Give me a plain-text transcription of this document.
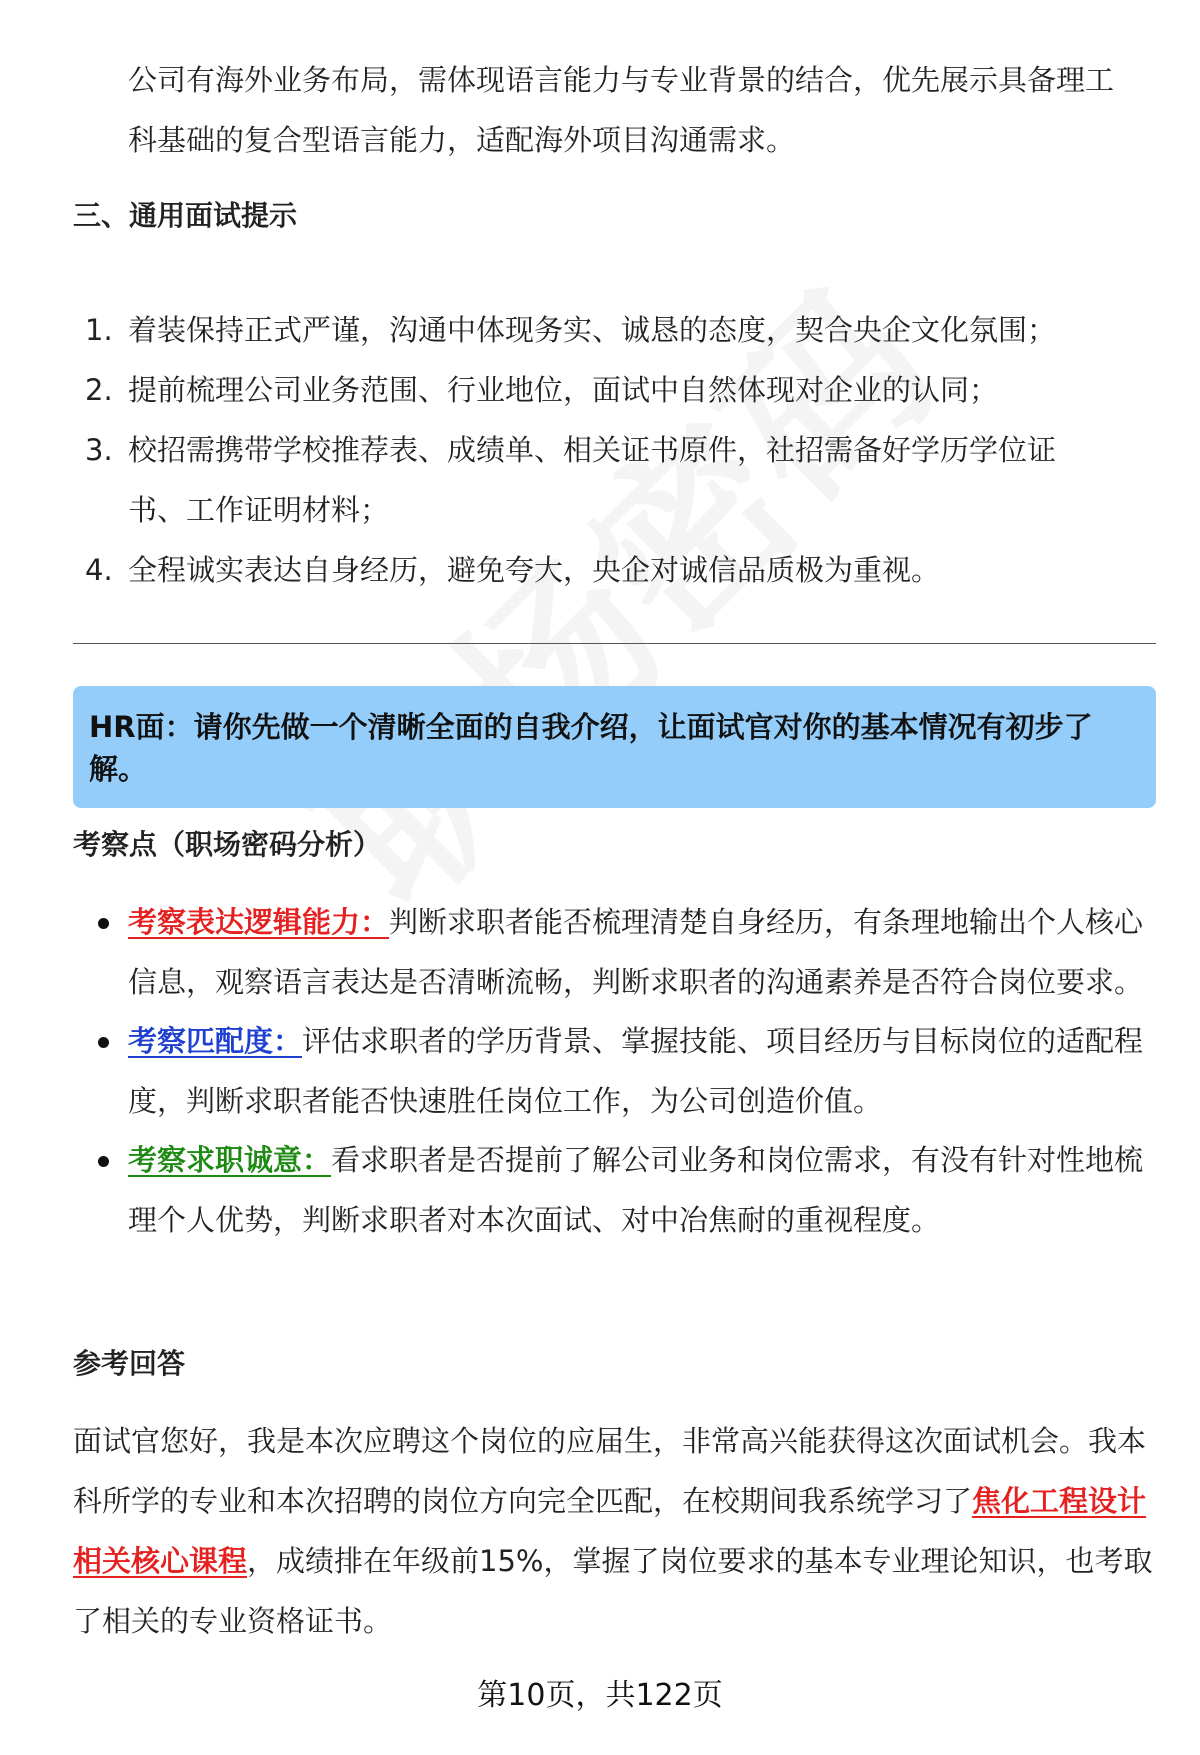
公司有海外业务布局，需体现语言能力与专业背景的结合，优先展示具备理工
科基础的复合型语言能力，适配海外项目沟通需求。

三、通用面试提示
1. 着装保持正式严谨，沟通中体现务实、诚恳的态度，契合央企文化氛围；
2. 提前梳理公司业务范围、行业地位，面试中自然体现对企业的认同；
3. 校招需携带学校推荐表、成绩单、相关证书原件，社招需备好学历学位证书、工作证明材料；
4. 全程诚实表达自身经历，避免夸大，央企对诚信品质极为重视。
HR面：请你先做一个清晰全面的自我介绍，让面试官对你的基本情况有初步了解。
考察点（职场密码分析）
考察表达逻辑能力：判断求职者能否梳理清楚自身经历，有条理地输出个人核心信息，观察语言表达是否清晰流畅，判断求职者的沟通素养是否符合岗位要求。
考察匹配度：评估求职者的学历背景、掌握技能、项目经历与目标岗位的适配程度，判断求职者能否快速胜任岗位工作，为公司创造价值。
考察求职诚意：看求职者是否提前了解公司业务和岗位需求，有没有针对性地梳理个人优势，判断求职者对本次面试、对中冶焦耐的重视程度。
参考回答

面试官您好，我是本次应聘这个岗位的应届生，非常高兴能获得这次面试机会。我本科所学的专业和本次招聘的岗位方向完全匹配，在校期间我系统学习了焦化工程设计相关核心课程，成绩排在年级前15%，掌握了岗位要求的基本专业理论知识，也考取了相关的专业资格证书。

第10页，共122页
